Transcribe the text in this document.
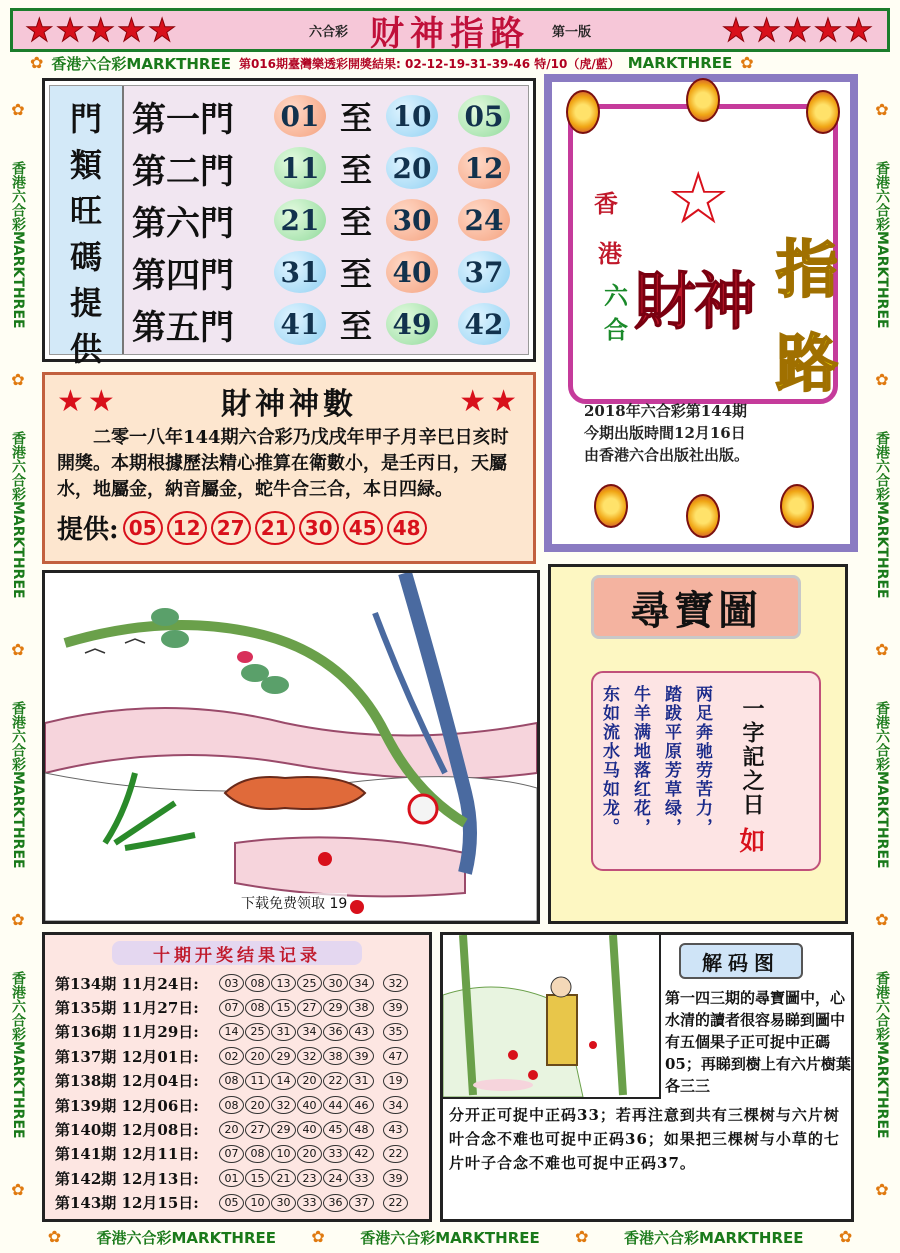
★★★★★	六合彩 财神指路 第一版	★★★★★
✿ 香港六合彩MARKTHREE 第016期臺灣樂透彩開獎結果: 02-12-19-31-39-46 特/10（虎/藍） MARKTHREE ✿
✿
香港六合彩MARKTHREE
✿
香港六合彩MARKTHREE
✿
香港六合彩MARKTHREE
✿
香港六合彩MARKTHREE
✿
✿
香港六合彩MARKTHREE
✿
香港六合彩MARKTHREE
✿
香港六合彩MARKTHREE
✿
香港六合彩MARKTHREE
✿
✿ 香港六合彩MARKTHREE ✿ 香港六合彩MARKTHREE ✿ 香港六合彩MARKTHREE ✿
門
類
旺
碼
提
供
第一門	01 至 10 05
第二門	11 至 20 12
第六門	21 至 30 24
第四門	31 至 40 37
第五門	41 至 49 42
☆
香
港
六
合 財神 指
路
2018年六合彩第144期
今期出版時間12月16日
由香港六合出版社出版。
★★	財神神數	★★

二零一八年144期六合彩乃戊戌年甲子月辛巳日亥时開獎。本期根據歷法精心推算在衛數小，是壬丙日，天屬水，地屬金，納音屬金，蛇牛合三合，本日四緑。

提供: 05 12 27 21 30 45 48
下载免费领取 19
尋寶圖
两足奔驰劳苦力，
踏跋平原芳草绿，
牛羊满地落红花，
东如流水马如龙。	一字記之日
如
十期开奖结果记录
第134期 11月24日:	03	08	13	25	30	34	32
第135期 11月27日:	07	08	15	27	29	38	39
第136期 11月29日:	14	25	31	34	36	43	35
第137期 12月01日:	02	20	29	32	38	39	47
第138期 12月04日:	08	11	14	20	22	31	19
第139期 12月06日:	08	20	32	40	44	46	34
第140期 12月08日:	20	27	29	40	45	48	43
第141期 12月11日:	07	08	10	20	33	42	22
第142期 12月13日:	01	15	21	23	24	33	39
第143期 12月15日:	05	10	30	33	36	37	22
解码图

第一四三期的尋寶圖中，心水清的讀者很容易睇到圖中有五個果子正可捉中正碼05；再睇到樹上有六片樹葉各三三

分开正可捉中正码33；若再注意到共有三棵树与六片树叶合念不难也可捉中正码36；如果把三棵树与小草的七片叶子合念不难也可捉中正码37。
